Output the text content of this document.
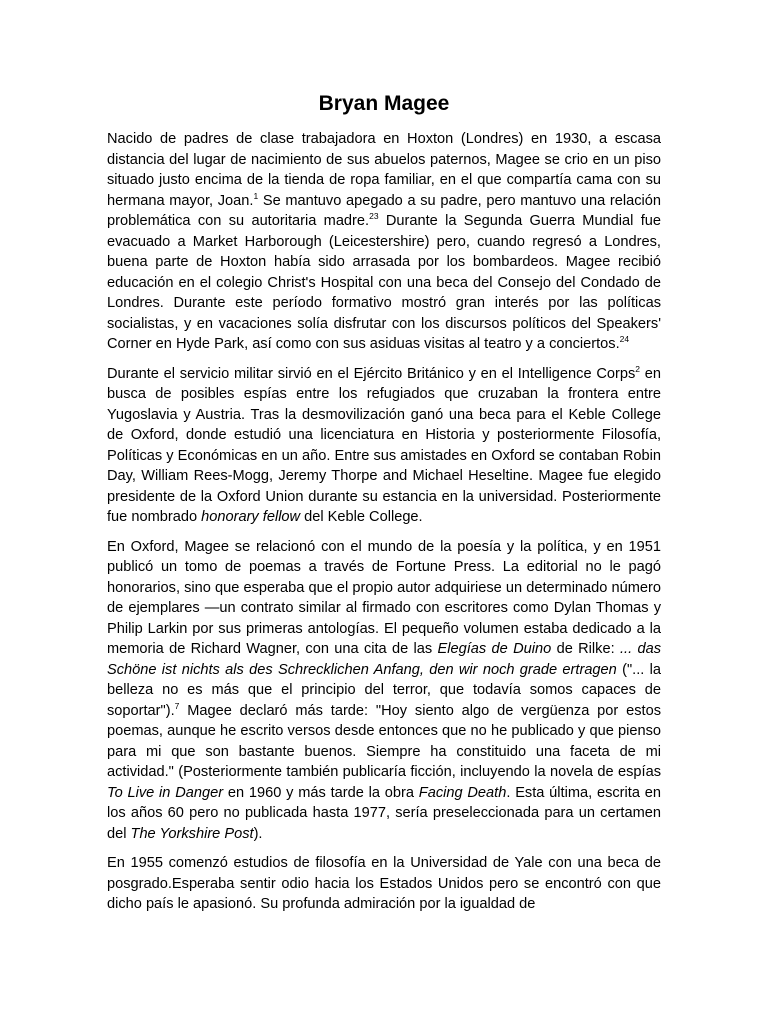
Bryan Magee

Nacido de padres de clase trabajadora en Hoxton (Londres) en 1930, a escasa distancia del lugar de nacimiento de sus abuelos paternos, Magee se crio en un piso situado justo encima de la tienda de ropa familiar, en el que compartía cama con su hermana mayor, Joan.$^1$ Se mantuvo apegado a su padre, pero mantuvo una relación problemática con su autoritaria madre.$^{23}$ Durante la Segunda Guerra Mundial fue evacuado a Market Harborough (Leicestershire) pero, cuando regresó a Londres, buena parte de Hoxton había sido arrasada por los bombardeos. Magee recibió educación en el colegio Christ's Hospital con una beca del Consejo del Condado de Londres. Durante este período formativo mostró gran interés por las políticas socialistas, y en vacaciones solía disfrutar con los discursos políticos del Speakers' Corner en Hyde Park, así como con sus asiduas visitas al teatro y a conciertos.$^{24}$

Durante el servicio militar sirvió en el Ejército Británico y en el Intelligence Corps$^2$ en busca de posibles espías entre los refugiados que cruzaban la frontera entre Yugoslavia y Austria. Tras la desmovilización ganó una beca para el Keble College de Oxford, donde estudió una licenciatura en Historia y posteriormente Filosofía, Políticas y Económicas en un año. Entre sus amistades en Oxford se contaban Robin Day, William Rees-Mogg, Jeremy Thorpe and Michael Heseltine. Magee fue elegido presidente de la Oxford Union durante su estancia en la universidad. Posteriormente fue nombrado honorary fellow del Keble College.

En Oxford, Magee se relacionó con el mundo de la poesía y la política, y en 1951 publicó un tomo de poemas a través de Fortune Press. La editorial no le pagó honorarios, sino que esperaba que el propio autor adquiriese un determinado número de ejemplares —un contrato similar al firmado con escritores como Dylan Thomas y Philip Larkin por sus primeras antologías. El pequeño volumen estaba dedicado a la memoria de Richard Wagner, con una cita de las Elegías de Duino de Rilke: ... das Schöne ist nichts als des Schrecklichen Anfang, den wir noch grade ertragen ("... la belleza no es más que el principio del terror, que todavía somos capaces de soportar").$^7$ Magee declaró más tarde: "Hoy siento algo de vergüenza por estos poemas, aunque he escrito versos desde entonces que no he publicado y que pienso para mi que son bastante buenos. Siempre ha constituido una faceta de mi actividad." (Posteriormente también publicaría ficción, incluyendo la novela de espías To Live in Danger en 1960 y más tarde la obra Facing Death. Esta última, escrita en los años 60 pero no publicada hasta 1977, sería preseleccionada para un certamen del The Yorkshire Post).

En 1955 comenzó estudios de filosofía en la Universidad de Yale con una beca de posgrado.Esperaba sentir odio hacia los Estados Unidos pero se encontró con que dicho país le apasionó. Su profunda admiración por la igualdad de
